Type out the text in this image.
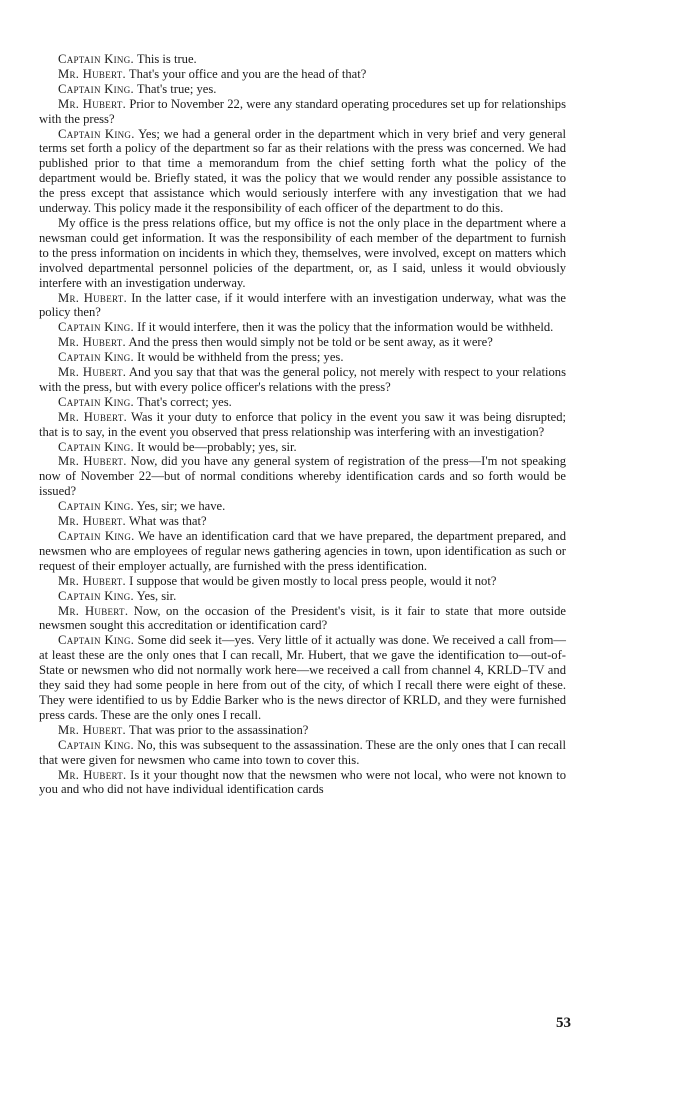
Captain King. This is true.

Mr. Hubert. That's your office and you are the head of that?

Captain King. That's true; yes.

Mr. Hubert. Prior to November 22, were any standard operating procedures set up for relationships with the press?

Captain King. Yes; we had a general order in the department which in very brief and very general terms set forth a policy of the department so far as their relations with the press was concerned. We had published prior to that time a memorandum from the chief setting forth what the policy of the department would be. Briefly stated, it was the policy that we would render any possible assistance to the press except that assistance which would seriously interfere with any investigation that we had underway. This policy made it the responsibility of each officer of the department to do this.

My office is the press relations office, but my office is not the only place in the department where a newsman could get information. It was the responsibility of each member of the department to furnish to the press information on incidents in which they, themselves, were involved, except on matters which involved departmental personnel policies of the department, or, as I said, unless it would obviously interfere with an investigation underway.

Mr. Hubert. In the latter case, if it would interfere with an investigation underway, what was the policy then?

Captain King. If it would interfere, then it was the policy that the information would be withheld.

Mr. Hubert. And the press then would simply not be told or be sent away, as it were?

Captain King. It would be withheld from the press; yes.

Mr. Hubert. And you say that that was the general policy, not merely with respect to your relations with the press, but with every police officer's relations with the press?

Captain King. That's correct; yes.

Mr. Hubert. Was it your duty to enforce that policy in the event you saw it was being disrupted; that is to say, in the event you observed that press relationship was interfering with an investigation?

Captain King. It would be—probably; yes, sir.

Mr. Hubert. Now, did you have any general system of registration of the press—I'm not speaking now of November 22—but of normal conditions whereby identification cards and so forth would be issued?

Captain King. Yes, sir; we have.

Mr. Hubert. What was that?

Captain King. We have an identification card that we have prepared, the department prepared, and newsmen who are employees of regular news gathering agencies in town, upon identification as such or request of their employer actually, are furnished with the press identification.

Mr. Hubert. I suppose that would be given mostly to local press people, would it not?

Captain King. Yes, sir.

Mr. Hubert. Now, on the occasion of the President's visit, is it fair to state that more outside newsmen sought this accreditation or identification card?

Captain King. Some did seek it—yes. Very little of it actually was done. We received a call from—at least these are the only ones that I can recall, Mr. Hubert, that we gave the identification to—out-of-State or newsmen who did not normally work here—we received a call from channel 4, KRLD–TV and they said they had some people in here from out of the city, of which I recall there were eight of these. They were identified to us by Eddie Barker who is the news director of KRLD, and they were furnished press cards. These are the only ones I recall.

Mr. Hubert. That was prior to the assassination?

Captain King. No, this was subsequent to the assassination. These are the only ones that I can recall that were given for newsmen who came into town to cover this.

Mr. Hubert. Is it your thought now that the newsmen who were not local, who were not known to you and who did not have individual identification cards

53
